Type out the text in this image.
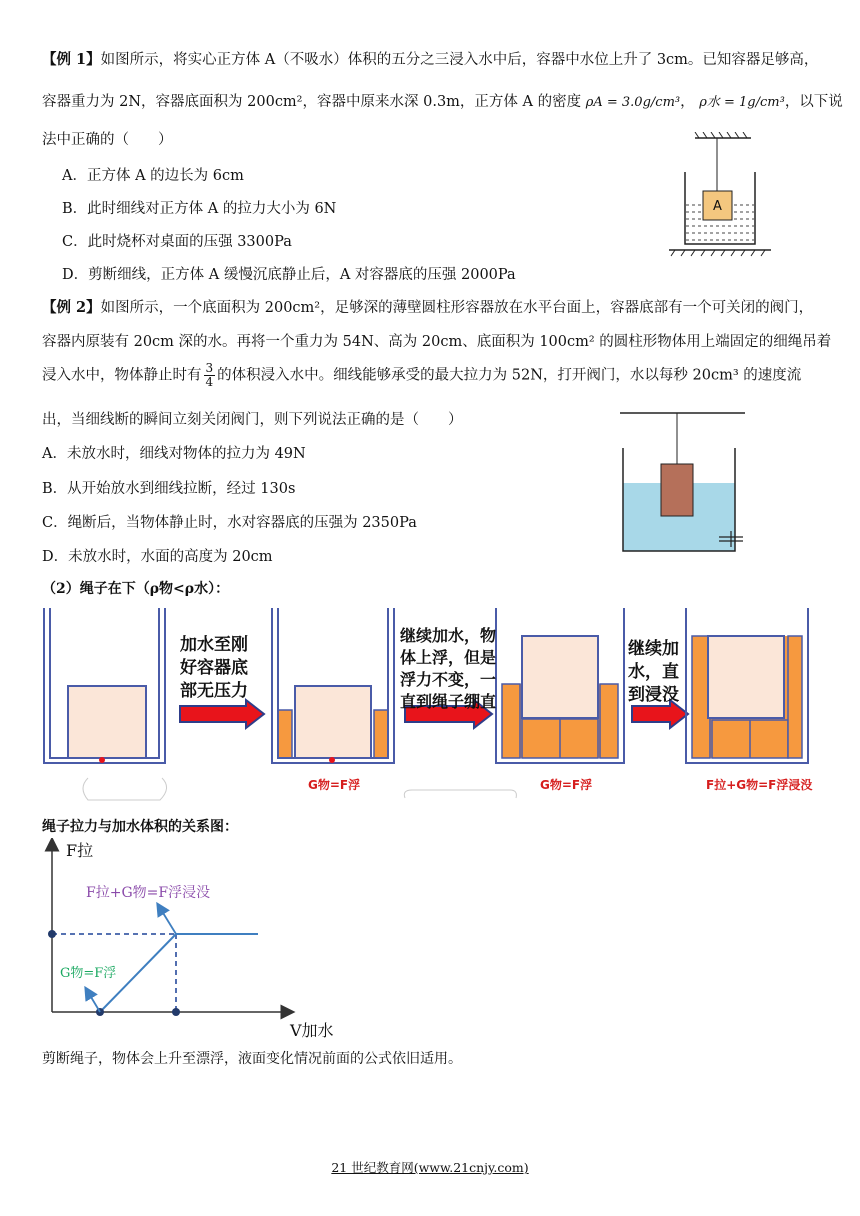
【例 1】如图所示，将实心正方体 A（不吸水）体积的五分之三浸入水中后，容器中水位上升了 3cm。已知容器足够高，
容器重力为 2N，容器底面积为 200cm²，容器中原来水深 0.3m，正方体 A 的密度 ρA = 3.0g/cm³， ρ水 = 1g/cm³，以下说
法中正确的（　　）
A．正方体 A 的边长为 6cm
B．此时细线对正方体 A 的拉力大小为 6N
C．此时烧杯对桌面的压强 3300Pa
D．剪断细线，正方体 A 缓慢沉底静止后，A 对容器底的压强 2000Pa
A
【例 2】如图所示，一个底面积为 200cm²，足够深的薄壁圆柱形容器放在水平台面上，容器底部有一个可关闭的阀门，
容器内原装有 20cm 深的水。再将一个重力为 54N、高为 20cm、底面积为 100cm² 的圆柱形物体用上端固定的细绳吊着
浸入水中，物体静止时有 $\frac{3}{4}$ 的体积浸入水中。细线能够承受的最大拉力为 52N，打开阀门，水以每秒 20cm³ 的速度流
出，当细线断的瞬间立刻关闭阀门，则下列说法正确的是（　　）
A．未放水时，细线对物体的拉力为 49N
B．从开始放水到细线拉断，经过 130s
C．绳断后，当物体静止时，水对容器底的压强为 2350Pa
D．未放水时，水面的高度为 20cm
（2）绳子在下（ρ物<ρ水）：
加水至刚
好容器底
部无压力
继续加水，物
体上浮，但是
浮力不变，一
直到绳子绷直
继续加
水，直
到浸没
G物=F浮	G物=F浮	F拉+G物=F浮浸没
绳子拉力与加水体积的关系图：
F拉
V加水
F拉+G物=F浮浸没
G物=F浮
剪断绳子，物体会上升至漂浮，液面变化情况前面的公式依旧适用。
21 世纪教育网(www.21cnjy.com)
